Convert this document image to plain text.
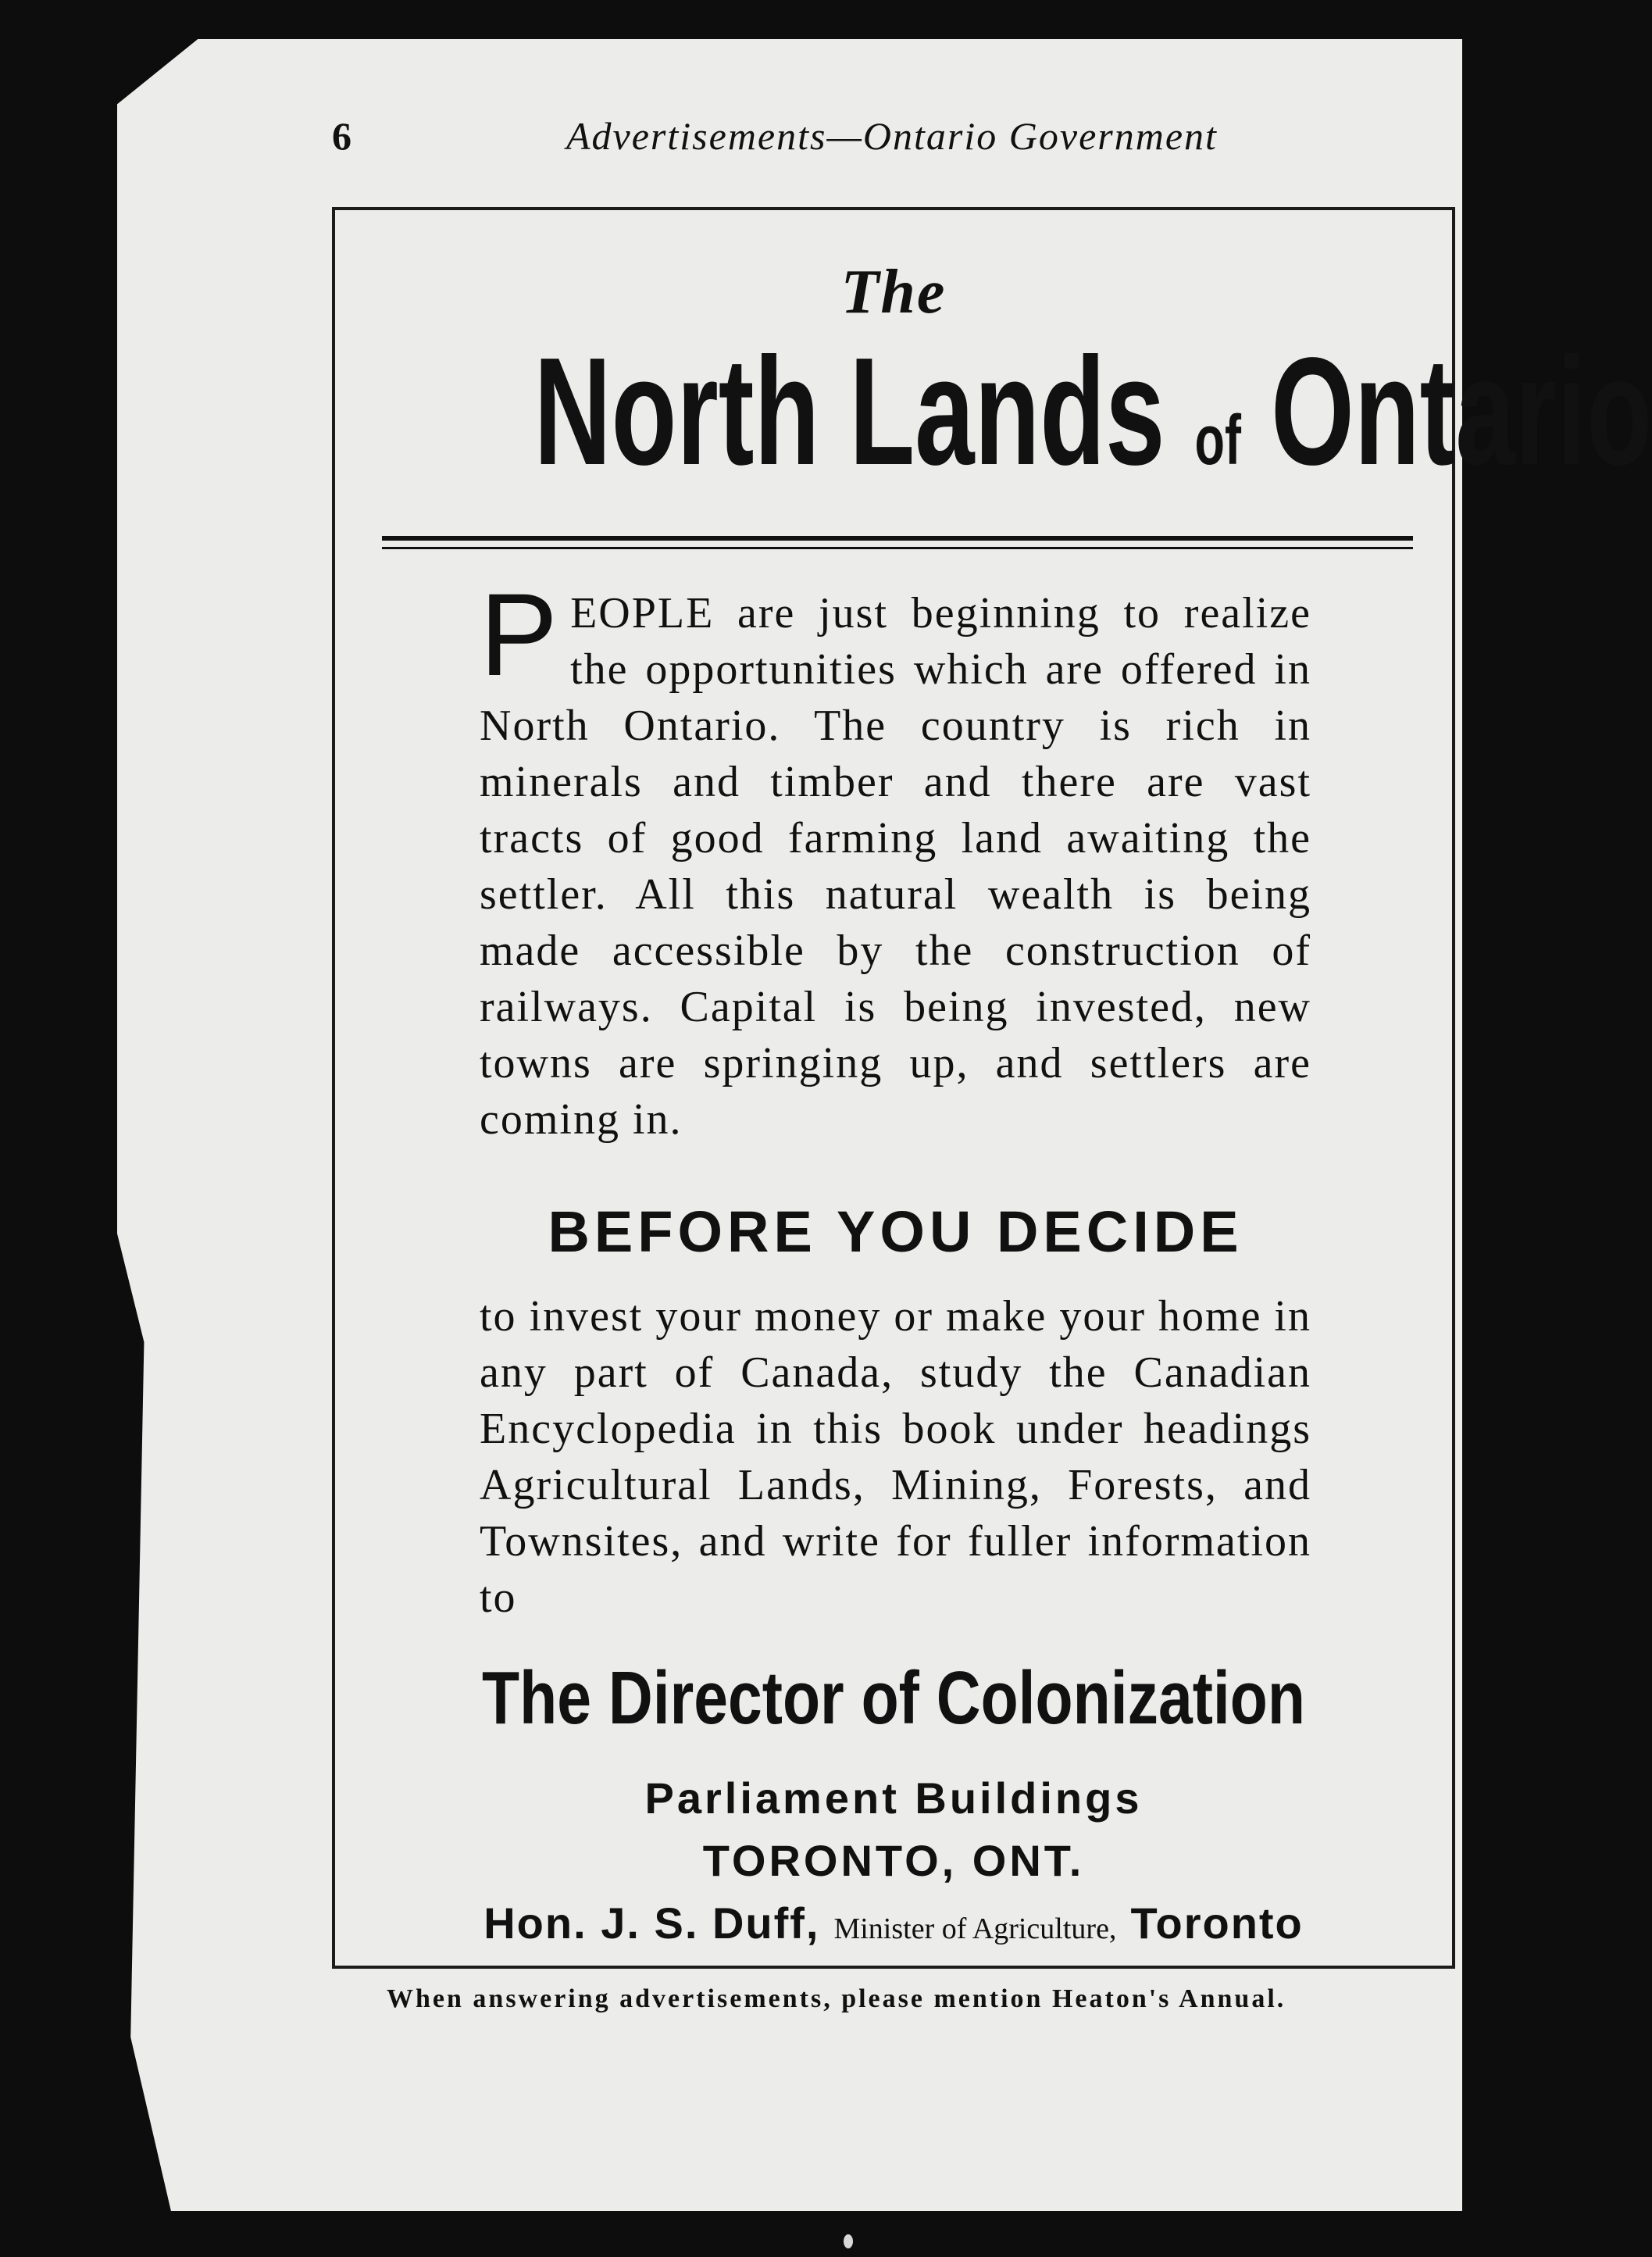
6	Advertisements—Ontario Government
The
North Lands of Ontario
PEOPLE are just beginning to realize the opportunities which are offered in North Ontario. The country is rich in minerals and timber and there are vast tracts of good farming land awaiting the settler. All this natural wealth is being made accessible by the construction of railways. Capital is being invested, new towns are springing up, and settlers are coming in.
BEFORE YOU DECIDE
to invest your money or make your home in any part of Canada, study the Canadian Encyclopedia in this book under headings Agricultural Lands, Mining, Forests, and Townsites, and write for fuller information to
The Director of Colonization
Parliament Buildings
TORONTO, ONT.
Hon. J. S. Duff, Minister of Agriculture, Toronto
When answering advertisements, please mention Heaton's Annual.
